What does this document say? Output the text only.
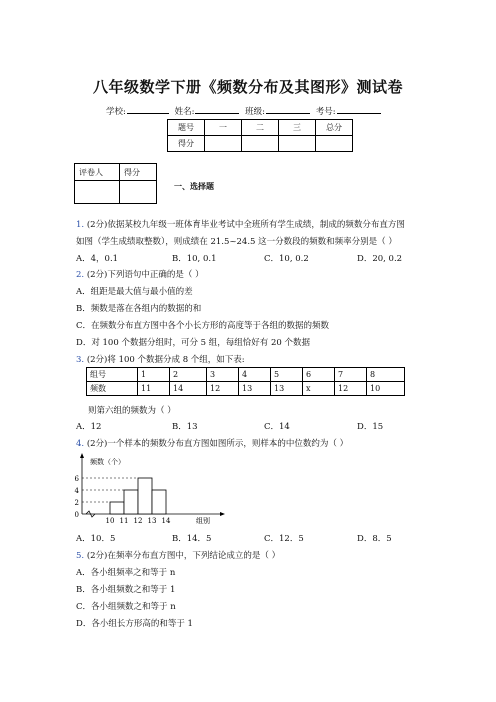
八年级数学下册《频数分布及其图形》测试卷
学校:	姓名:	班级:	考号:
题号	一	二	三	总分
得分				
评卷人	得分

一、选择题
1. (2分)依据某校九年级一班体育毕业考试中全班所有学生成绩，制成的频数分布直方图
如图（学生成绩取整数），则成绩在 21.5~24.5 这一分数段的频数和频率分别是（ ）
A．4，0.1	B．10, 0.1	C．10, 0.2	D．20, 0.2
2. (2分)下列语句中正确的是（ ）
A．组距是最大值与最小值的差
B．频数是落在各组内的数据的和
C．在频数分布直方图中各个小长方形的高度等于各组的数据的频数
D．对 100 个数据分组时，可分 5 组，每组恰好有 20 个数据
3. (2分)将 100 个数据分成 8 个组，如下表:
组号	1	2	3	4	5	6	7	8
频数	11	14	12	13	13	x	12	10
则第六组的频数为（ ）
A．12	B．13	C．14	D．15
4. (2分)一个样本的频数分布直方图如图所示，则样本的中位数约为（ ）
0
2
4
6
10 11 12 13 14
频数（个）
组别
A．10．5	B．14．5	C．12．5	D．8．5
5. (2分)在频率分布直方图中，下列结论成立的是（ ）
A．各小组频率之和等于 n
B．各小组频数之和等于 1
C．各小组频数之和等于 n
D．各小组长方形高的和等于 1
